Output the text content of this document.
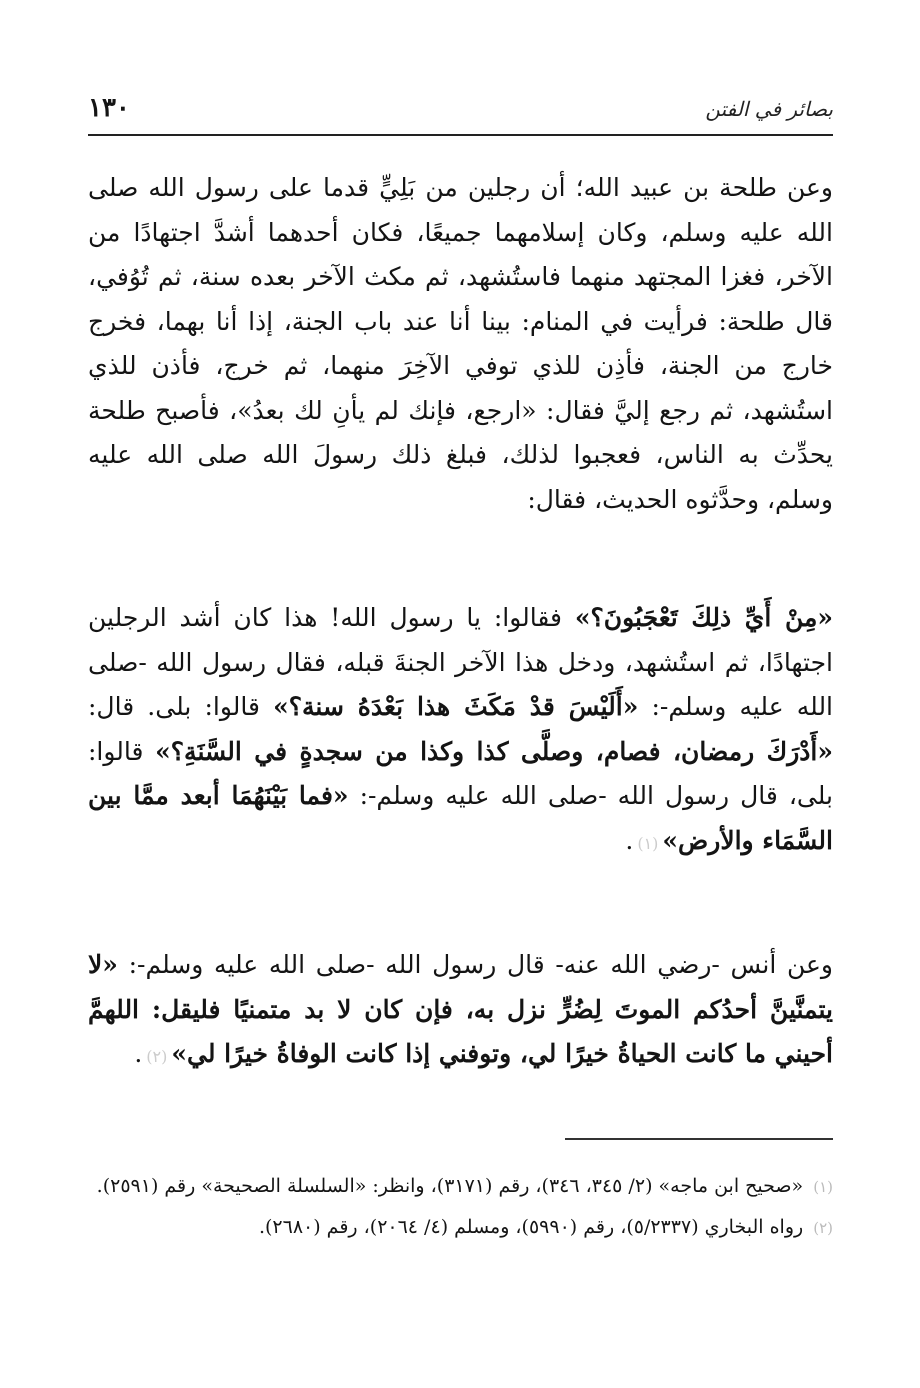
١٣٠	بصائر في الفتن

وعن طلحة بن عبيد الله؛ أن رجلين من بَلِيٍّ قدما على رسول الله صلى الله عليه وسلم، وكان إسلامهما جميعًا، فكان أحدهما أشدَّ اجتهادًا من الآخر، فغزا المجتهد منهما فاستُشهد، ثم مكث الآخر بعده سنة، ثم تُوُفي، قال طلحة: فرأيت في المنام: بينا أنا عند باب الجنة، إذا أنا بهما، فخرج خارج من الجنة، فأذِن للذي توفي الآخِرَ منهما، ثم خرج، فأذن للذي استُشهد، ثم رجع إليَّ فقال: «ارجع، فإنك لم يأنِ لك بعدُ»، فأصبح طلحة يحدِّث به الناس، فعجبوا لذلك، فبلغ ذلك رسولَ الله صلى الله عليه وسلم، وحدَّثوه الحديث، فقال:

«مِنْ أَيِّ ذلِكَ تَعْجَبُونَ؟» فقالوا: يا رسول الله! هذا كان أشد الرجلين اجتهادًا، ثم استُشهد، ودخل هذا الآخر الجنةَ قبله، فقال رسول الله -صلى الله عليه وسلم-: «أَلَيْسَ قدْ مَكَثَ هذا بَعْدَهُ سنة؟» قالوا: بلى. قال: «أَدْرَكَ رمضان، فصام، وصلَّى كذا وكذا من سجدةٍ في السَّنَةِ؟» قالوا: بلى، قال رسول الله -صلى الله عليه وسلم-: «فما بَيْنَهُمَا أبعد ممَّا بين السَّمَاء والأرض»(١).

وعن أنس -رضي الله عنه- قال رسول الله -صلى الله عليه وسلم-: «لا يتمنَّينَّ أحدُكم الموتَ لِضُرٍّ نزل به، فإن كان لا بد متمنيًا فليقل: اللهمَّ أحيني ما كانت الحياةُ خيرًا لي، وتوفني إذا كانت الوفاةُ خيرًا لي»(٢).

(١) «صحيح ابن ماجه» (٢/ ٣٤٥، ٣٤٦)، رقم (٣١٧١)، وانظر: «السلسلة الصحيحة» رقم (٢٥٩١).

(٢) رواه البخاري (٥/٢٣٣٧)، رقم (٥٩٩٠)، ومسلم (٤/ ٢٠٦٤)، رقم (٢٦٨٠).
